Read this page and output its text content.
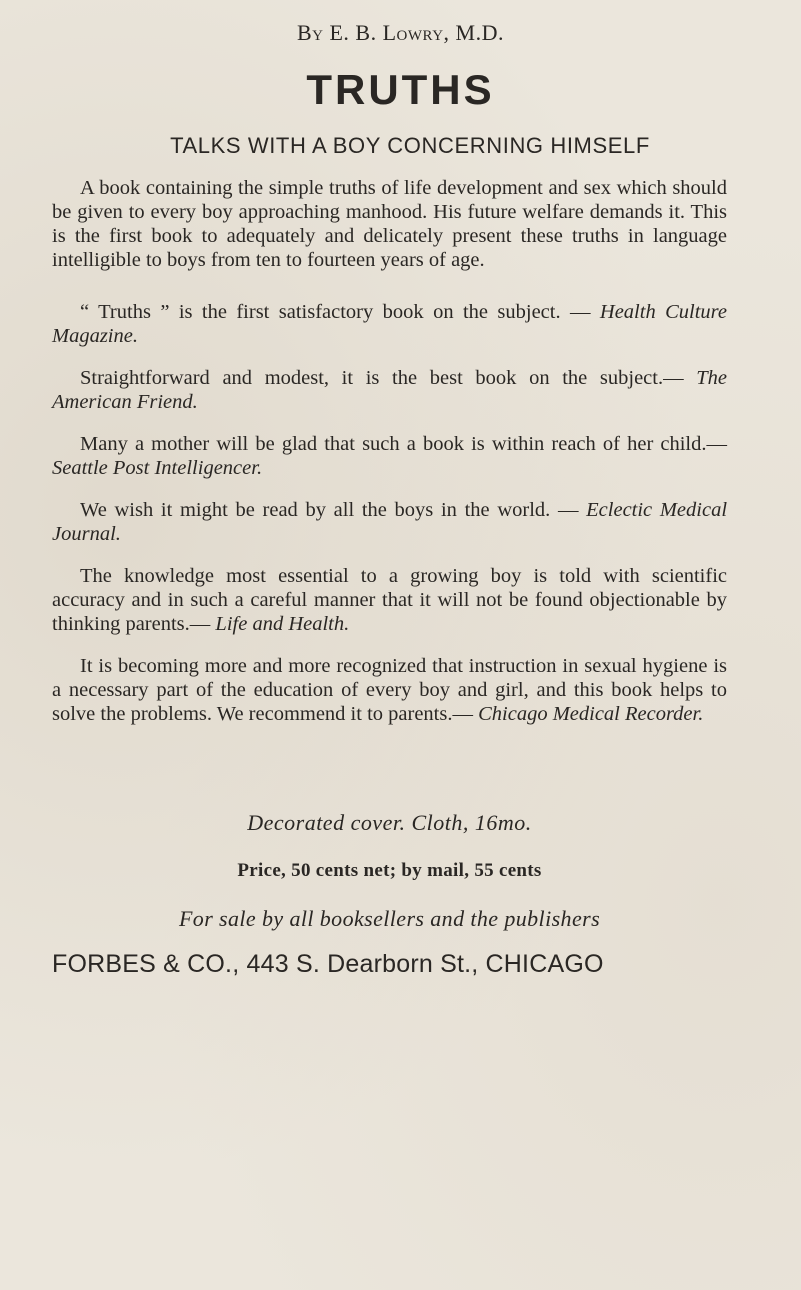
By E. B. Lowry, M.D.
TRUTHS
TALKS WITH A BOY CONCERNING HIMSELF

A book containing the simple truths of life development and sex which should be given to every boy approaching manhood. His future welfare demands it. This is the first book to adequately and delicately present these truths in language intelligible to boys from ten to fourteen years of age.

“ Truths ” is the first satisfactory book on the subject. — Health Culture Magazine.

Straightforward and modest, it is the best book on the subject.— The American Friend.

Many a mother will be glad that such a book is within reach of her child.— Seattle Post Intelligencer.

We wish it might be read by all the boys in the world. — Eclectic Medical Journal.

The knowledge most essential to a growing boy is told with scientific accuracy and in such a careful manner that it will not be found objectionable by thinking parents.— Life and Health.

It is becoming more and more recognized that instruction in sexual hygiene is a necessary part of the education of every boy and girl, and this book helps to solve the problems. We recommend it to parents.— Chicago Medical Recorder.

Decorated cover. Cloth, 16mo.
Price, 50 cents net; by mail, 55 cents
For sale by all booksellers and the publishers
FORBES & CO., 443 S. Dearborn St., CHICAGO
